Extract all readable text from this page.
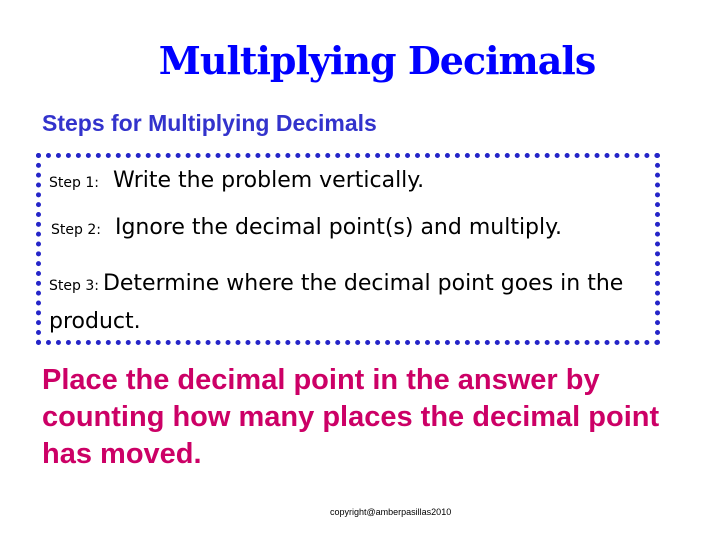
Multiplying Decimals
Steps for Multiplying Decimals
Step 1: Write the problem vertically.
Step 2: Ignore the decimal point(s) and multiply.
Step 3: Determine where the decimal point goes in the product.
Place the decimal point in the answer by counting how many places the decimal point has moved.
copyright@amberpasillas2010
